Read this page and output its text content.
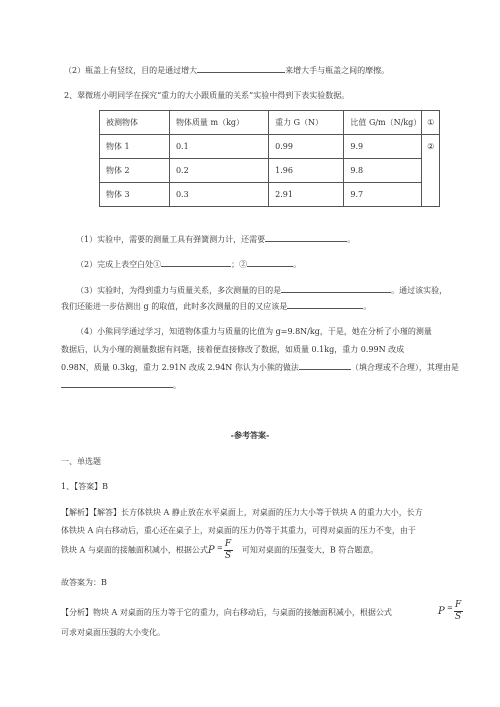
（2）瓶盖上有竖纹，目的是通过增大	来增大手与瓶盖之间的摩擦。
2、翠微班小明同学在探究“重力的大小跟质量的关系”实验中得到下表实验数据。
被测物体	物体质量 m（kg）	重力 G（N）	比值 G/m（N/kg）	①
物体 1	0.1	0.99	9.9	②

物体 2	0.2	1.96	9.8	
物体 3	0.3	2.91	9.7	
（1）实验中，需要的测量工具有弹簧测力计，还需要	。
（2）完成上表空白处①	；②	。
（3）实验时，为得到重力与质量关系，多次测量的目的是	。通过该实验，
我们还能进一步估测出 g 的取值，此时多次测量的目的又应该是	。
（4）小熊同学通过学习，知道物体重力与质量的比值为 g=9.8N/kg，于是，她在分析了小瑾的测量
数据后，认为小瑾的测量数据有问题，接着便直接修改了数据，如质量 0.1kg，重力 0.99N 改成
0.98N，质量 0.3kg，重力 2.91N 改成 2.94N 你认为小熊的做法	（填合理或不合理），其理由是
。
-参考答案-
一、单选题
1、【答案】B
【解析】【解答】长方体铁块 A 静止放在水平桌面上，对桌面的压力大小等于铁块 A 的重力大小，长方
体铁块 A 向右移动后，重心还在桌子上，对桌面的压力仍等于其重力，可得对桌面的压力不变，由于
铁块 A 与桌面的接触面积减小，根据公式 P = F
S
可知对桌面的压强变大，B 符合题意。
故答案为：B
【分析】物块 A 对桌面的压力等于它的重力，向右移动后，与桌面的接触面积减小，根据公式	P = F
S
可求对桌面压强的大小变化。
